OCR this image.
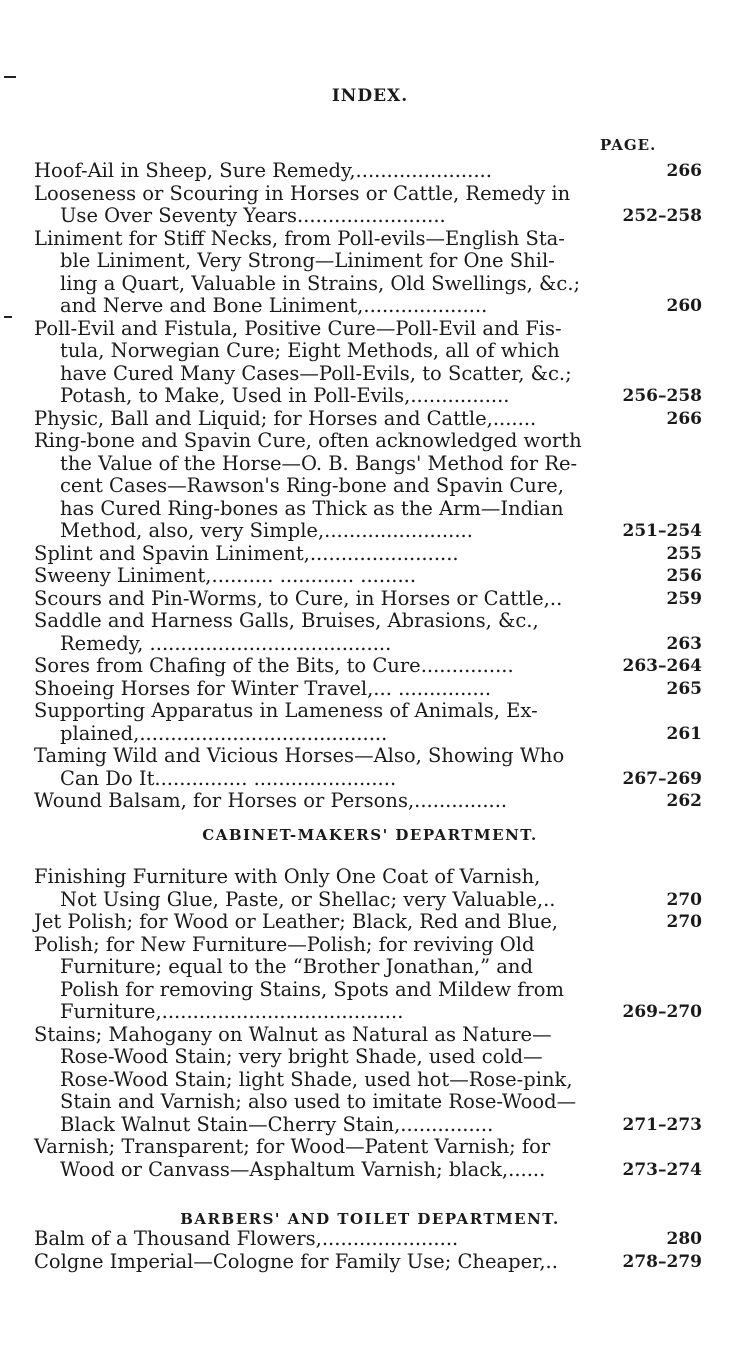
INDEX.
PAGE.
Hoof-Ail in Sheep, Sure Remedy,......................	266
Looseness or Scouring in Horses or Cattle, Remedy in
Use Over Seventy Years........................	252–258
Liniment for Stiff Necks, from Poll-evils—English Sta-
ble Liniment, Very Strong—Liniment for One Shil-
ling a Quart, Valuable in Strains, Old Swellings, &c.;
and Nerve and Bone Liniment,....................	260
Poll-Evil and Fistula, Positive Cure—Poll-Evil and Fis-
tula, Norwegian Cure; Eight Methods, all of which
have Cured Many Cases—Poll-Evils, to Scatter, &c.;
Potash, to Make, Used in Poll-Evils,................	256–258
Physic, Ball and Liquid; for Horses and Cattle,.......	266
Ring-bone and Spavin Cure, often acknowledged worth
the Value of the Horse—O. B. Bangs' Method for Re-
cent Cases—Rawson's Ring-bone and Spavin Cure,
has Cured Ring-bones as Thick as the Arm—Indian
Method, also, very Simple,........................	251–254
Splint and Spavin Liniment,........................	255
Sweeny Liniment,.......... ............ .........	256
Scours and Pin-Worms, to Cure, in Horses or Cattle,..	259
Saddle and Harness Galls, Bruises, Abrasions, &c.,
Remedy, .......................................	263
Sores from Chafing of the Bits, to Cure...............	263–264
Shoeing Horses for Winter Travel,... ...............	265
Supporting Apparatus in Lameness of Animals, Ex-
plained,........................................	261
Taming Wild and Vicious Horses—Also, Showing Who
Can Do It............... .......................	267–269
Wound Balsam, for Horses or Persons,...............	262
CABINET-MAKERS' DEPARTMENT.
Finishing Furniture with Only One Coat of Varnish,
Not Using Glue, Paste, or Shellac; very Valuable,..	270
Jet Polish; for Wood or Leather; Black, Red and Blue,	270
Polish; for New Furniture—Polish; for reviving Old
Furniture; equal to the “Brother Jonathan,” and
Polish for removing Stains, Spots and Mildew from
Furniture,.......................................	269–270
Stains; Mahogany on Walnut as Natural as Nature—
Rose-Wood Stain; very bright Shade, used cold—
Rose-Wood Stain; light Shade, used hot—Rose-pink,
Stain and Varnish; also used to imitate Rose-Wood—
Black Walnut Stain—Cherry Stain,...............	271–273
Varnish; Transparent; for Wood—Patent Varnish; for
Wood or Canvass—Asphaltum Varnish; black,......	273–274
BARBERS' AND TOILET DEPARTMENT.
Balm of a Thousand Flowers,......................	280
Colgne Imperial—Cologne for Family Use; Cheaper,..	278–279
